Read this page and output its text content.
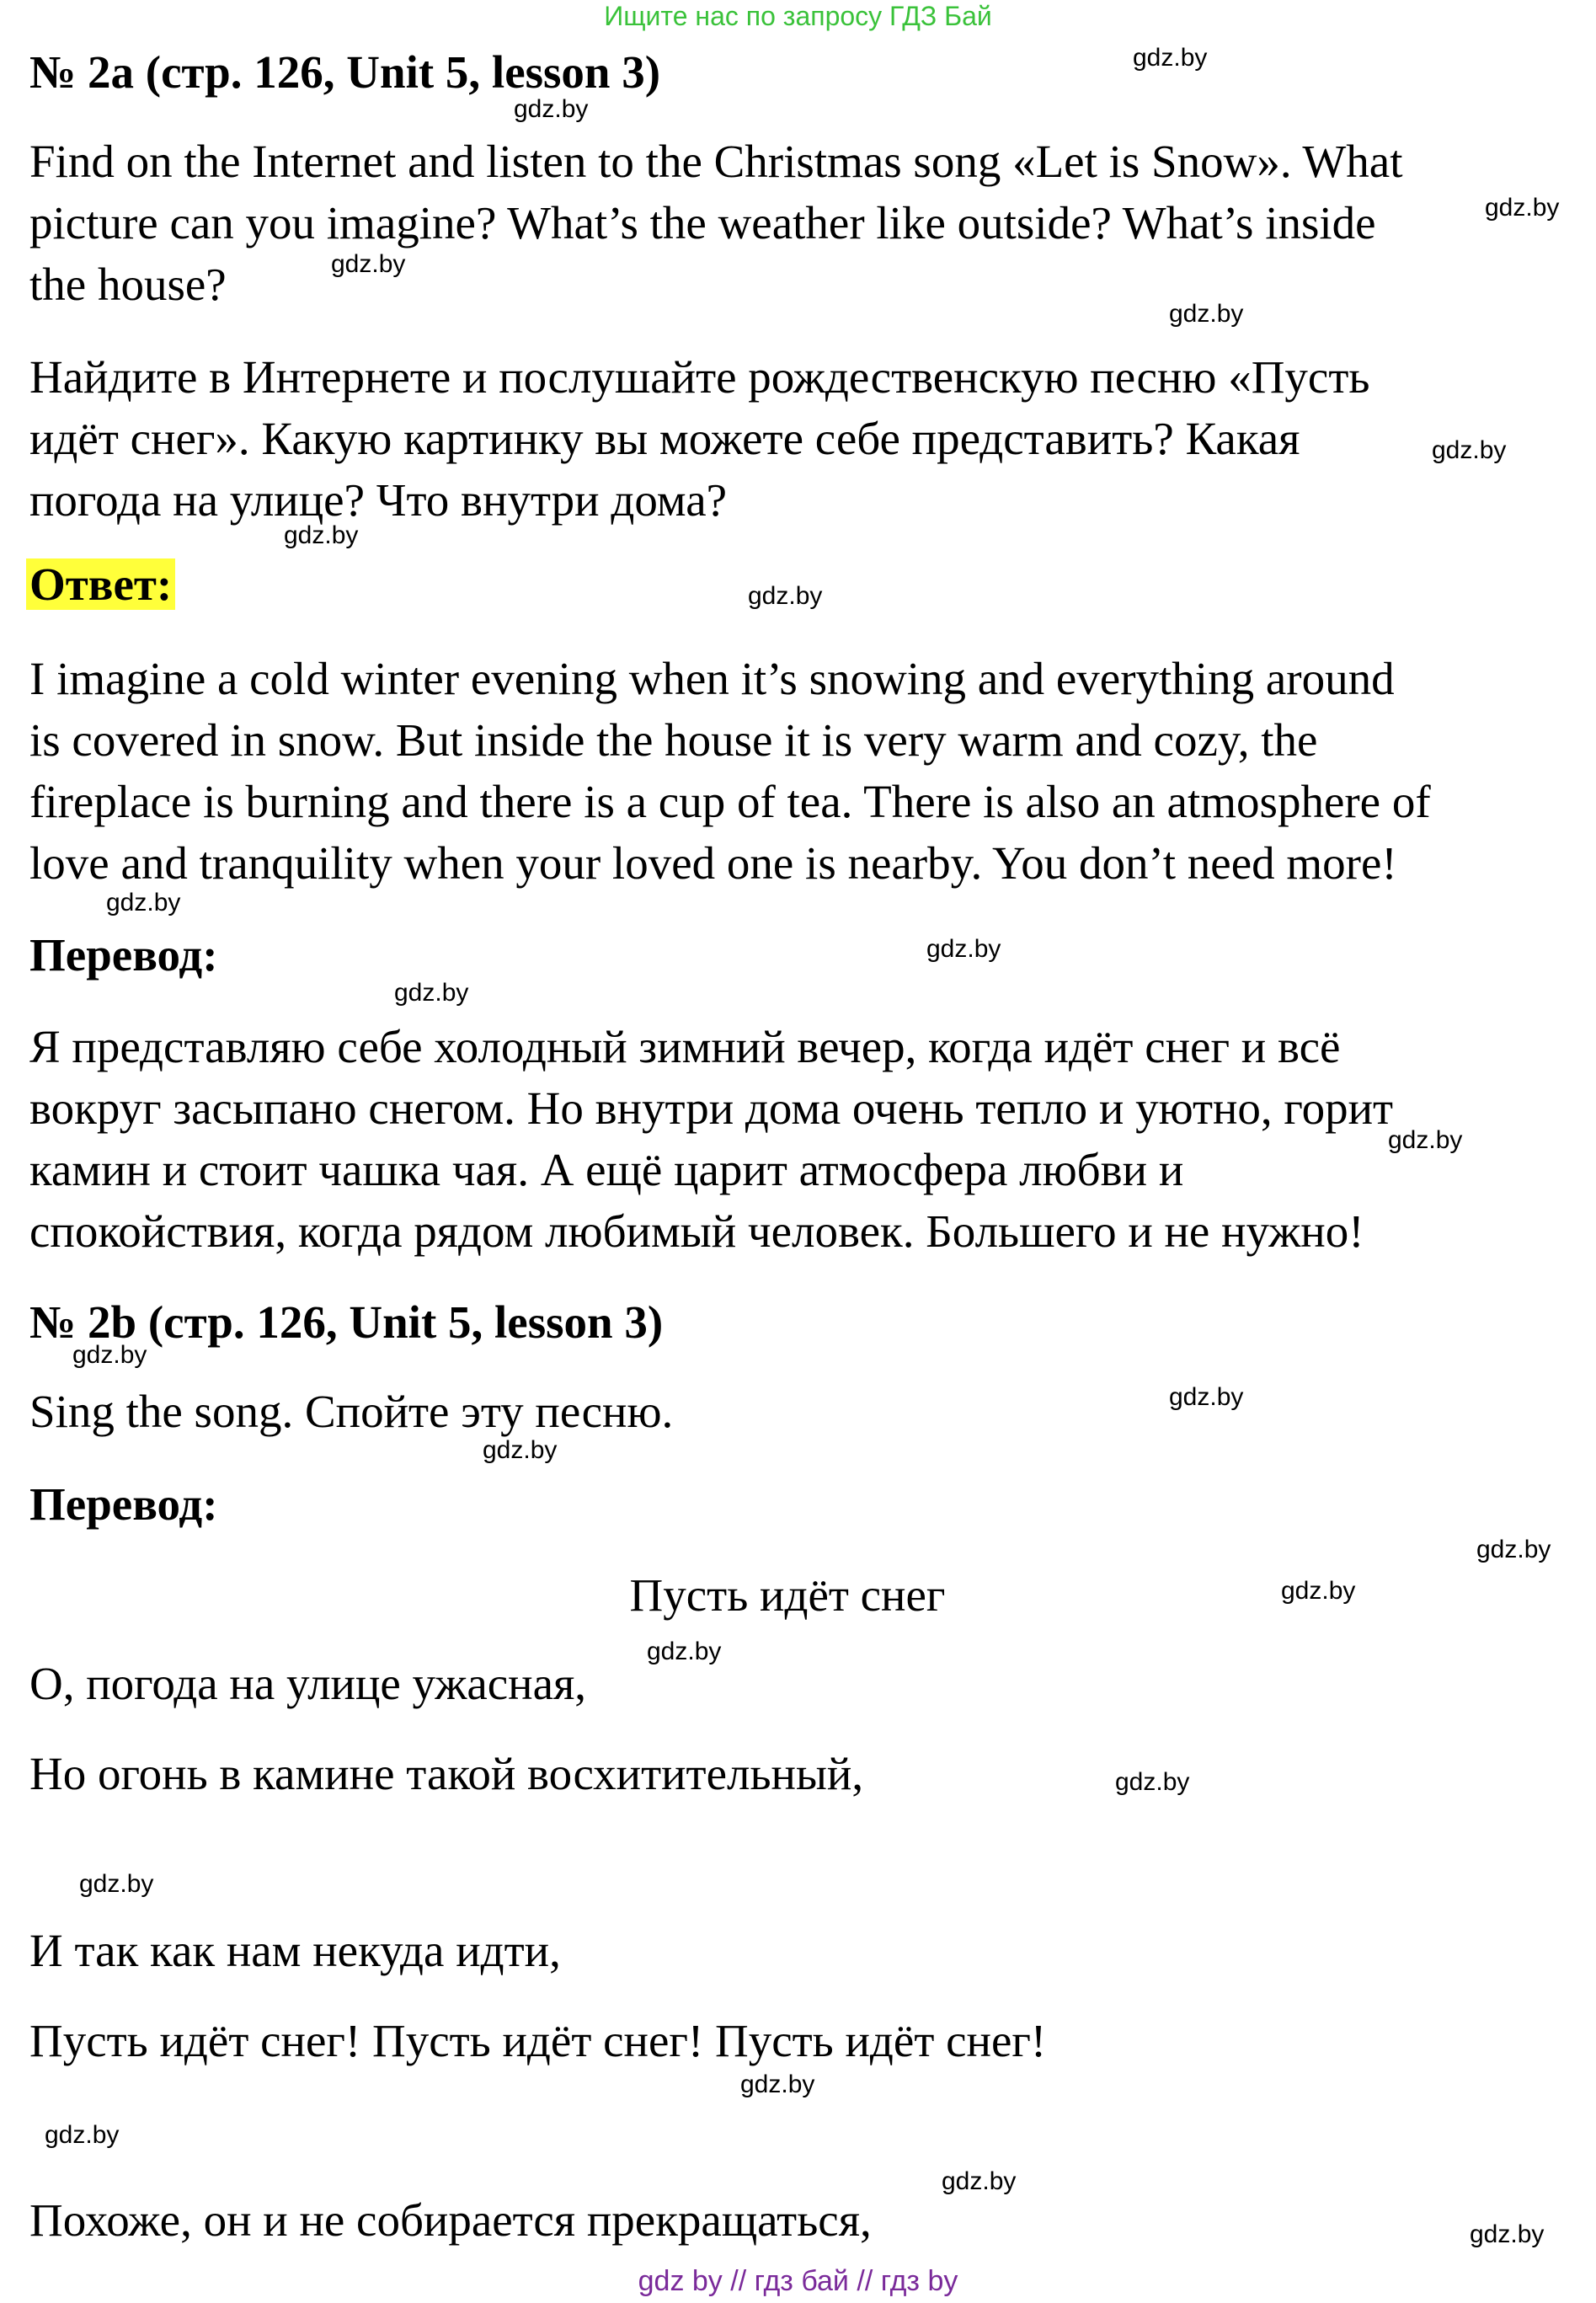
Ищите нас по запросу ГДЗ Бай
№ 2a (стр. 126, Unit 5, lesson 3)
Find on the Internet and listen to the Christmas song «Let is Snow». What
picture can you imagine? What’s the weather like outside? What’s inside
the house?
Найдите в Интернете и послушайте рождественскую песню «Пусть
идёт снег». Какую картинку вы можете себе представить? Какая
погода на улице? Что внутри дома?
Ответ:
I imagine a cold winter evening when it’s snowing and everything around
is covered in snow. But inside the house it is very warm and cozy, the
fireplace is burning and there is a cup of tea. There is also an atmosphere of
love and tranquility when your loved one is nearby. You don’t need more!
Перевод:
Я представляю себе холодный зимний вечер, когда идёт снег и всё
вокруг засыпано снегом. Но внутри дома очень тепло и уютно, горит
камин и стоит чашка чая. А ещё царит атмосфера любви и
спокойствия, когда рядом любимый человек. Большего и не нужно!
№ 2b (стр. 126, Unit 5, lesson 3)
Sing the song. Спойте эту песню.
Перевод:
Пусть идёт снег
О, погода на улице ужасная,
Но огонь в камине такой восхитительный,
И так как нам некуда идти,
Пусть идёт снег! Пусть идёт снег! Пусть идёт снег!
Похоже, он и не собирается прекращаться,
gdz.by
gdz.by
gdz.by
gdz.by
gdz.by
gdz.by
gdz.by
gdz.by
gdz.by
gdz.by
gdz.by
gdz.by
gdz.by
gdz.by
gdz.by
gdz.by
gdz.by
gdz.by
gdz.by
gdz.by
gdz.by
gdz.by
gdz.by
gdz.by
gdz by // гдз бай // гдз by
